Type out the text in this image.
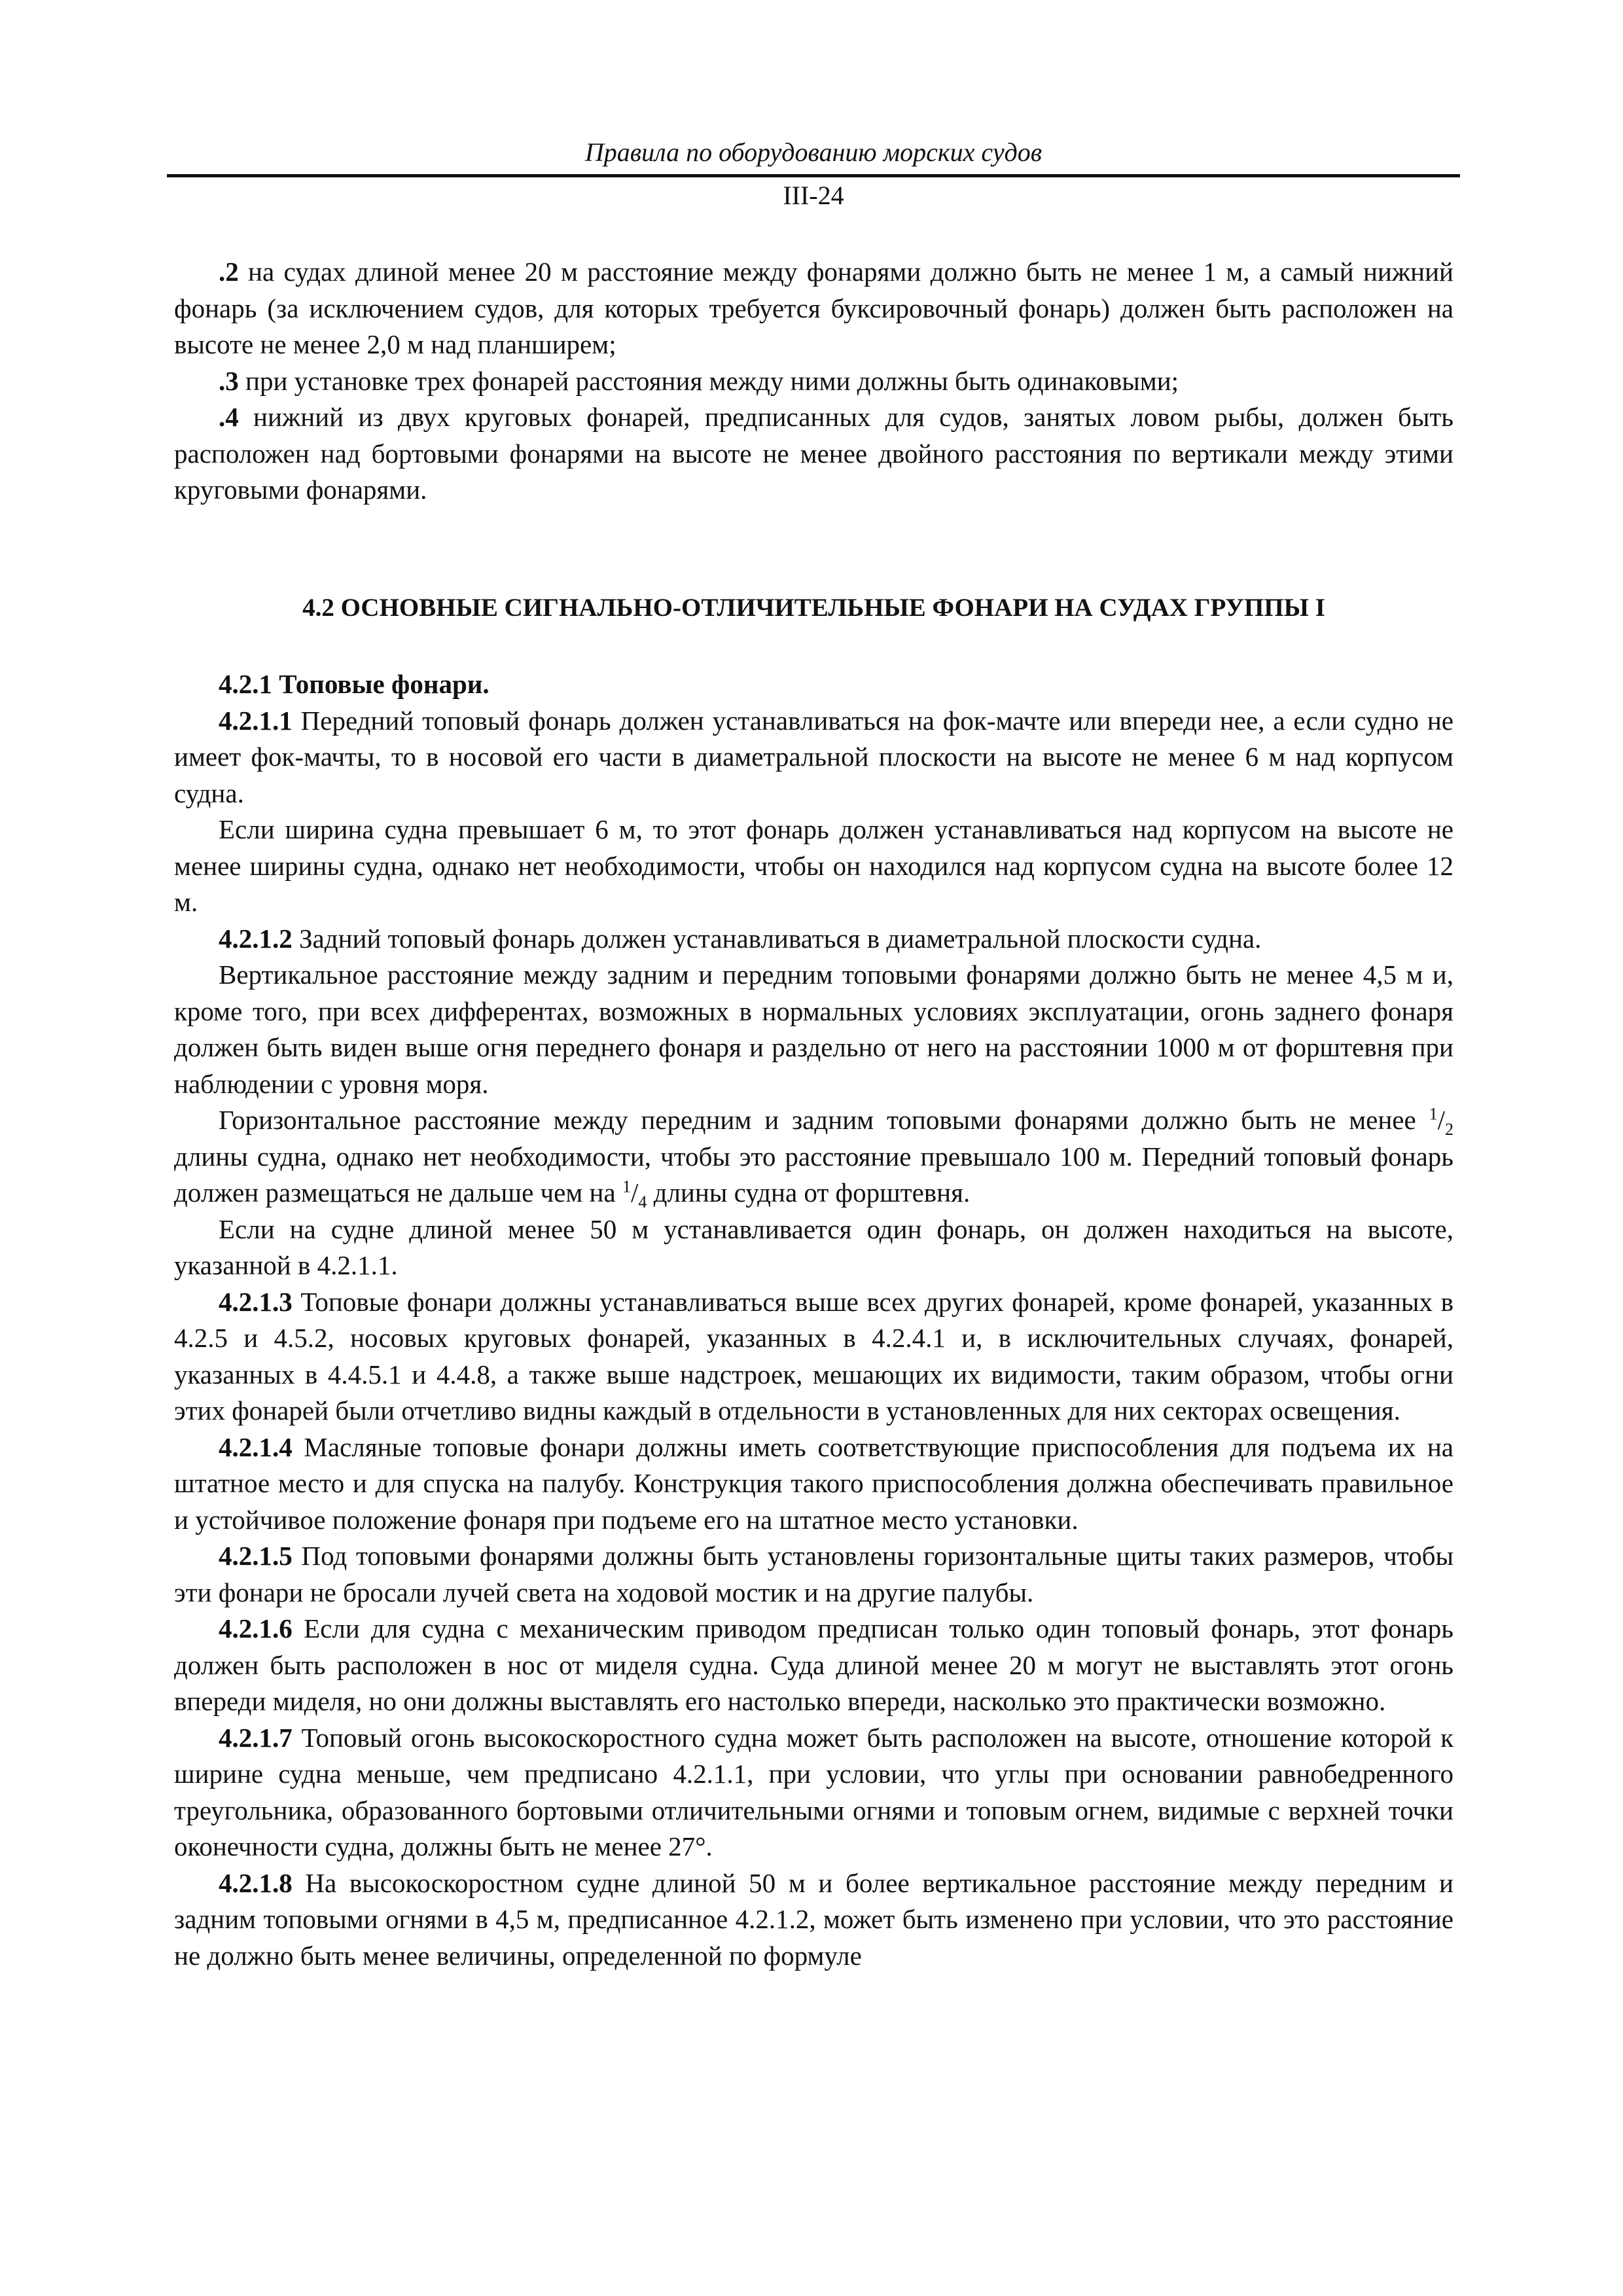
Правила по оборудованию морских судов
III-24

.2 на судах длиной менее 20 м расстояние между фонарями должно быть не менее 1 м, а самый нижний фонарь (за исключением судов, для которых требуется буксировочный фонарь) должен быть расположен на высоте не менее 2,0 м над планширем;

.3 при установке трех фонарей расстояния между ними должны быть одинаковыми;

.4 нижний из двух круговых фонарей, предписанных для судов, занятых ловом рыбы, должен быть расположен над бортовыми фонарями на высоте не менее двойного расстояния по вертикали между этими круговыми фонарями.

4.2 ОСНОВНЫЕ СИГНАЛЬНО-ОТЛИЧИТЕЛЬНЫЕ ФОНАРИ НА СУДАХ ГРУППЫ I

4.2.1 Топовые фонари.

4.2.1.1 Передний топовый фонарь должен устанавливаться на фок-мачте или впереди нее, а если судно не имеет фок-мачты, то в носовой его части в диаметральной плоскости на высоте не менее 6 м над корпусом судна.

Если ширина судна превышает 6 м, то этот фонарь должен устанавливаться над корпусом на высоте не менее ширины судна, однако нет необходимости, чтобы он находился над корпусом судна на высоте более 12 м.

4.2.1.2 Задний топовый фонарь должен устанавливаться в диаметральной плоскости судна.

Вертикальное расстояние между задним и передним топовыми фонарями должно быть не менее 4,5 м и, кроме того, при всех дифферентах, возможных в нормальных условиях эксплуатации, огонь заднего фонаря должен быть виден выше огня переднего фонаря и раздельно от него на расстоянии 1000 м от форштевня при наблюдении с уровня моря.

Горизонтальное расстояние между передним и задним топовыми фонарями должно быть не менее $^1/_2$ длины судна, однако нет необходимости, чтобы это расстояние превышало 100 м. Передний топовый фонарь должен размещаться не дальше чем на $^1/_4$ длины судна от форштевня.

Если на судне длиной менее 50 м устанавливается один фонарь, он должен находиться на высоте, указанной в 4.2.1.1.

4.2.1.3 Топовые фонари должны устанавливаться выше всех других фонарей, кроме фонарей, указанных в 4.2.5 и 4.5.2, носовых круговых фонарей, указанных в 4.2.4.1 и, в исключительных случаях, фонарей, указанных в 4.4.5.1 и 4.4.8, а также выше надстроек, мешающих их видимости, таким образом, чтобы огни этих фонарей были отчетливо видны каждый в отдельности в установленных для них секторах освещения.

4.2.1.4 Масляные топовые фонари должны иметь соответствующие приспособления для подъема их на штатное место и для спуска на палубу. Конструкция такого приспособления должна обеспечивать правильное и устойчивое положение фонаря при подъеме его на штатное место установки.

4.2.1.5 Под топовыми фонарями должны быть установлены горизонтальные щиты таких размеров, чтобы эти фонари не бросали лучей света на ходовой мостик и на другие палубы.

4.2.1.6 Если для судна с механическим приводом предписан только один топовый фонарь, этот фонарь должен быть расположен в нос от миделя судна. Суда длиной менее 20 м могут не выставлять этот огонь впереди миделя, но они должны выставлять его настолько впереди, насколько это практически возможно.

4.2.1.7 Топовый огонь высокоскоростного судна может быть расположен на высоте, отношение которой к ширине судна меньше, чем предписано 4.2.1.1, при условии, что углы при основании равнобедренного треугольника, образованного бортовыми отличительными огнями и топовым огнем, видимые с верхней точки оконечности судна, должны быть не менее 27°.

4.2.1.8 На высокоскоростном судне длиной 50 м и более вертикальное расстояние между передним и задним топовыми огнями в 4,5 м, предписанное 4.2.1.2, может быть изменено при условии, что это расстояние не должно быть менее величины, определенной по формуле
